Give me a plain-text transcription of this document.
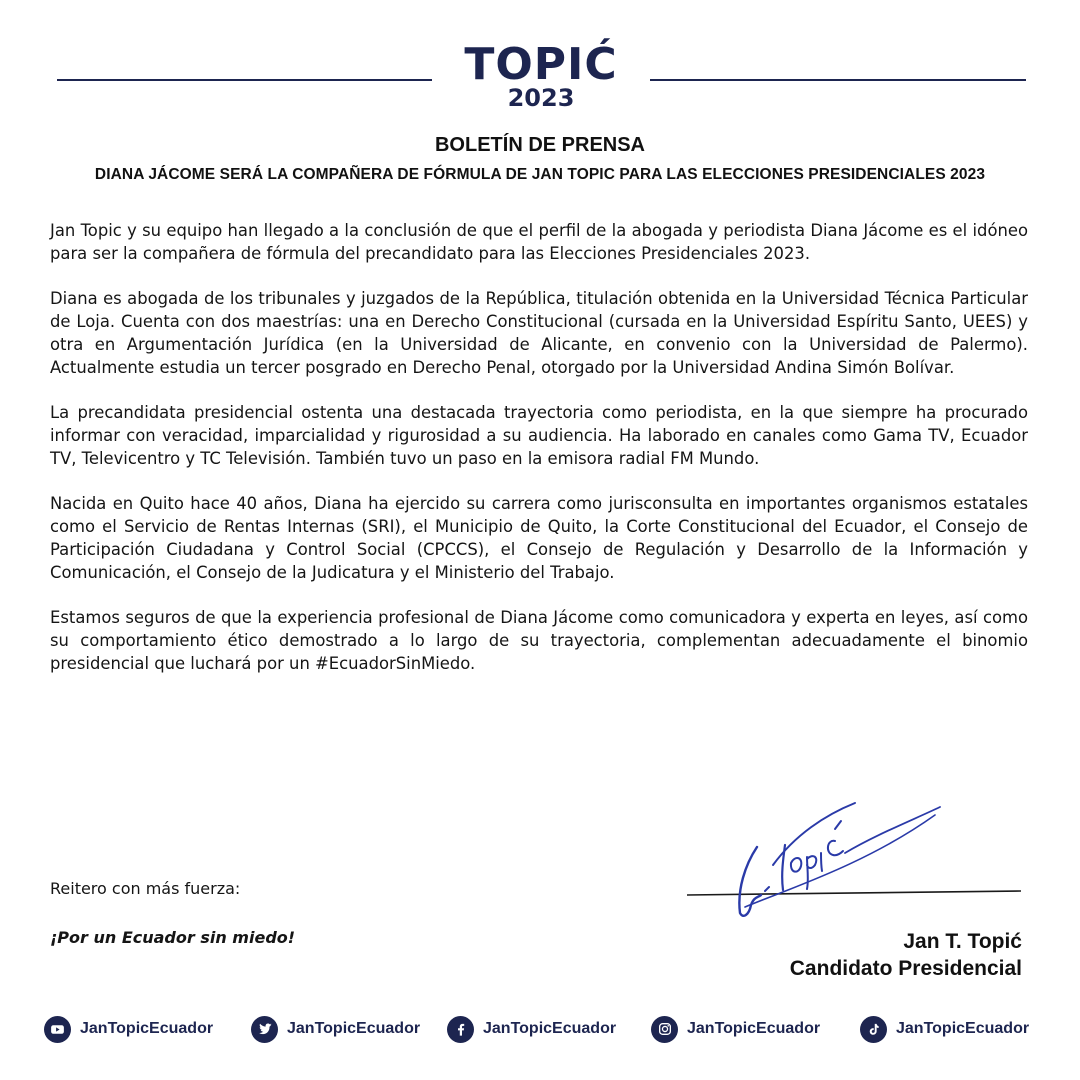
TOPIĆ
2023
BOLETÍN DE PRENSA
DIANA JÁCOME SERÁ LA COMPAÑERA DE FÓRMULA DE JAN TOPIC PARA LAS ELECCIONES PRESIDENCIALES 2023

Jan Topic y su equipo han llegado a la conclusión de que el perfil de la abogada y periodista Diana Jácome es el idóneo para ser la compañera de fórmula del precandidato para las Elecciones Presidenciales 2023.

Diana es abogada de los tribunales y juzgados de la República, titulación obtenida en la Universidad Técnica Particular de Loja. Cuenta con dos maestrías: una en Derecho Constitucional (cursada en la Universidad Espíritu Santo, UEES) y otra en Argumentación Jurídica (en la Universidad de Alicante, en convenio con la Universidad de Palermo). Actualmente estudia un tercer posgrado en Derecho Penal, otorgado por la Universidad Andina Simón Bolívar.

La precandidata presidencial ostenta una destacada trayectoria como periodista, en la que siempre ha procurado informar con veracidad, imparcialidad y rigurosidad a su audiencia. Ha laborado en canales como Gama TV, Ecuador TV, Televicentro y TC Televisión. También tuvo un paso en la emisora radial FM Mundo.

Nacida en Quito hace 40 años, Diana ha ejercido su carrera como jurisconsulta en importantes organismos estatales como el Servicio de Rentas Internas (SRI), el Municipio de Quito, la Corte Constitucional del Ecuador, el Consejo de Participación Ciudadana y Control Social (CPCCS), el Consejo de Regulación y Desarrollo de la Información y Comunicación, el Consejo de la Judicatura y el Ministerio del Trabajo.

Estamos seguros de que la experiencia profesional de Diana Jácome como comunicadora y experta en leyes, así como su comportamiento ético demostrado a lo largo de su trayectoria, complementan adecuadamente el binomio presidencial que luchará por un #EcuadorSinMiedo.

Reitero con más fuerza:
¡Por un Ecuador sin miedo!	Jan T. Topić
Candidato Presidencial
JanTopicEcuador	JanTopicEcuador	JanTopicEcuador	JanTopicEcuador	JanTopicEcuador
